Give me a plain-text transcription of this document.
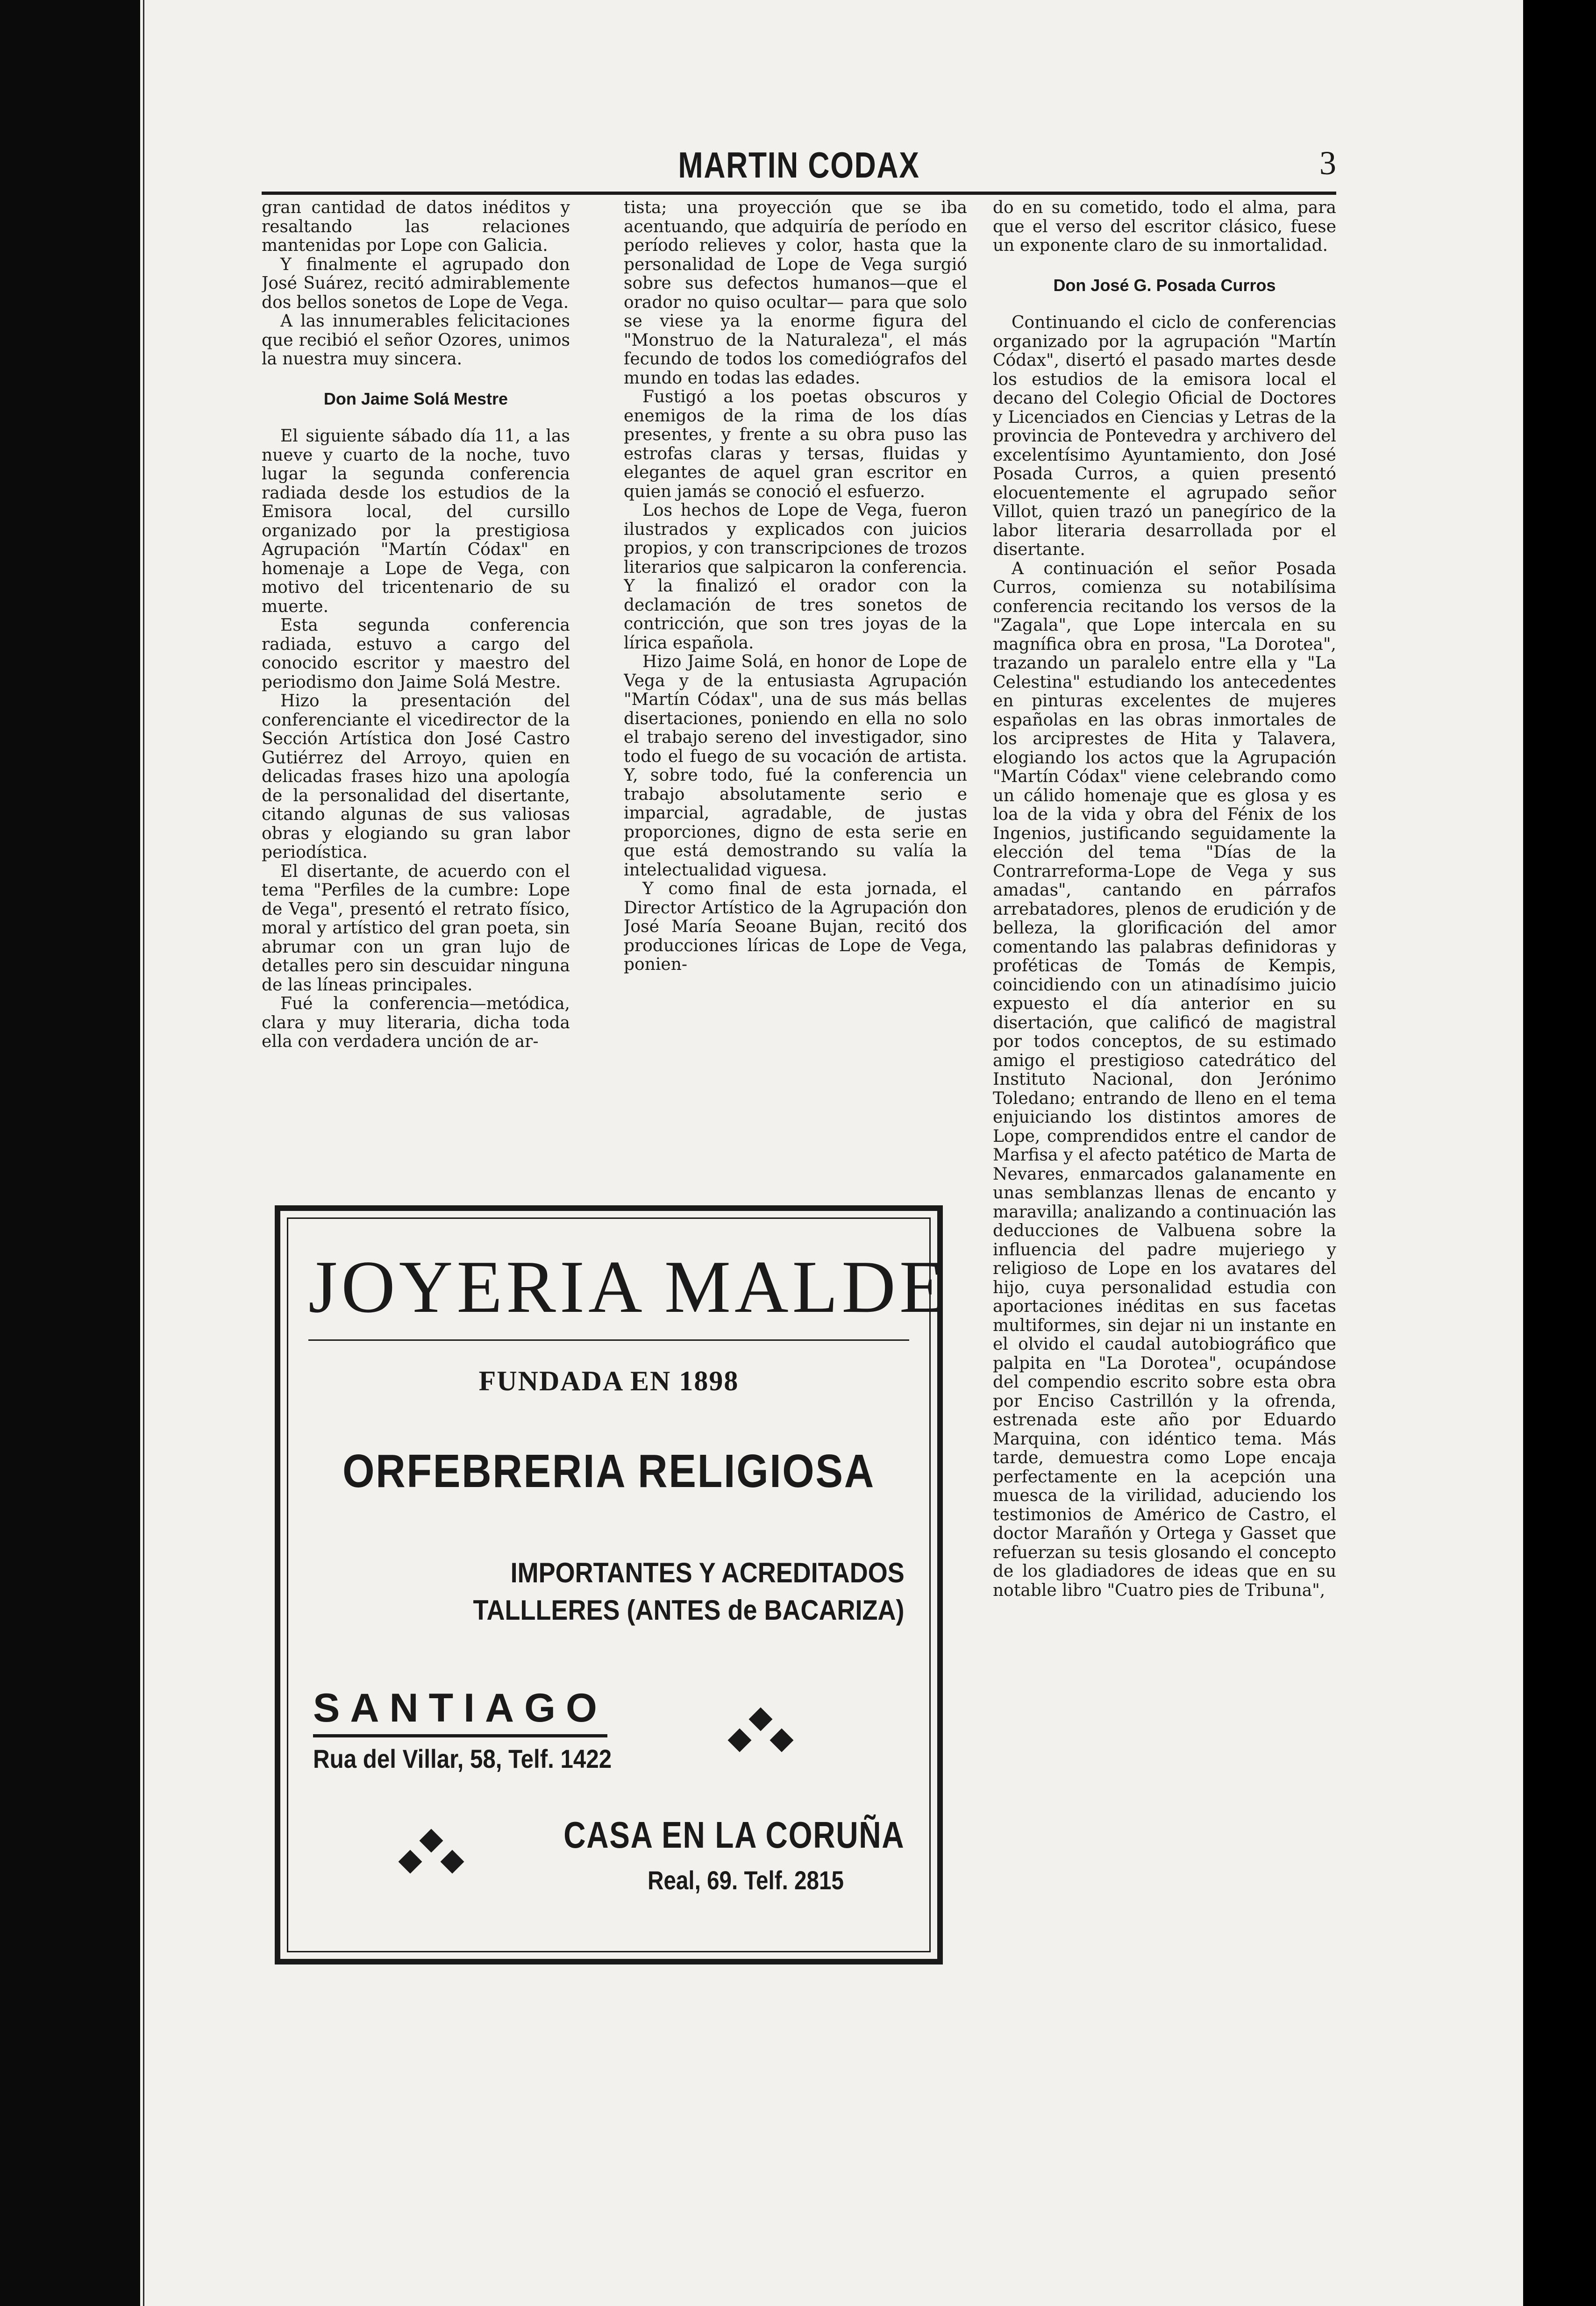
MARTIN CODAX	3

gran cantidad de datos inéditos y resaltando las relaciones mantenidas por Lope con Galicia.

Y finalmente el agrupado don José Suárez, recitó admirablemente dos bellos sonetos de Lope de Vega.

A las innumerables felicitaciones que recibió el señor Ozores, unimos la nuestra muy sincera.

Don Jaime Solá Mestre

El siguiente sábado día 11, a las nueve y cuarto de la noche, tuvo lugar la segunda conferencia radiada desde los estudios de la Emisora local, del cursillo organizado por la prestigiosa Agrupación "Martín Códax" en homenaje a Lope de Vega, con motivo del tricentenario de su muerte.

Esta segunda conferencia radiada, estuvo a cargo del conocido escritor y maestro del periodismo don Jaime Solá Mestre.

Hizo la presentación del conferenciante el vicedirector de la Sección Artística don José Castro Gutiérrez del Arroyo, quien en delicadas frases hizo una apología de la personalidad del disertante, citando algunas de sus valiosas obras y elogiando su gran labor periodística.

El disertante, de acuerdo con el tema "Perfiles de la cumbre: Lope de Vega", presentó el retrato físico, moral y artístico del gran poeta, sin abrumar con un gran lujo de detalles pero sin descuidar ninguna de las líneas principales.

Fué la conferencia—metódica, clara y muy literaria, dicha toda ella con verdadera unción de ar-

tista; una proyección que se iba acentuando, que adquiría de período en período relieves y color, hasta que la personalidad de Lope de Vega surgió sobre sus defectos humanos—que el orador no quiso ocultar— para que solo se viese ya la enorme figura del "Monstruo de la Naturaleza", el más fecundo de todos los comediógrafos del mundo en todas las edades.

Fustigó a los poetas obscuros y enemigos de la rima de los días presentes, y frente a su obra puso las estrofas claras y tersas, fluidas y elegantes de aquel gran escritor en quien jamás se conoció el esfuerzo.

Los hechos de Lope de Vega, fueron ilustrados y explicados con juicios propios, y con transcripciones de trozos literarios que salpicaron la conferencia. Y la finalizó el orador con la declamación de tres sonetos de contricción, que son tres joyas de la lírica española.

Hizo Jaime Solá, en honor de Lope de Vega y de la entusiasta Agrupación "Martín Códax", una de sus más bellas disertaciones, poniendo en ella no solo el trabajo sereno del investigador, sino todo el fuego de su vocación de artista. Y, sobre todo, fué la conferencia un trabajo absolutamente serio e imparcial, agradable, de justas proporciones, digno de esta serie en que está demostrando su valía la intelectualidad viguesa.

Y como final de esta jornada, el Director Artístico de la Agrupación don José María Seoane Bujan, recitó dos producciones líricas de Lope de Vega, ponien-

do en su cometido, todo el alma, para que el verso del escritor clásico, fuese un exponente claro de su inmortalidad.

Don José G. Posada Curros

Continuando el ciclo de conferencias organizado por la agrupación "Martín Códax", disertó el pasado martes desde los estudios de la emisora local el decano del Colegio Oficial de Doctores y Licenciados en Ciencias y Letras de la provincia de Pontevedra y archivero del excelentísimo Ayuntamiento, don José Posada Curros, a quien presentó elocuentemente el agrupado señor Villot, quien trazó un panegírico de la labor literaria desarrollada por el disertante.

A continuación el señor Posada Curros, comienza su notabilísima conferencia recitando los versos de la "Zagala", que Lope intercala en su magnífica obra en prosa, "La Dorotea", trazando un paralelo entre ella y "La Celestina" estudiando los antecedentes en pinturas excelentes de mujeres españolas en las obras inmortales de los arciprestes de Hita y Talavera, elogiando los actos que la Agrupación "Martín Códax" viene celebrando como un cálido homenaje que es glosa y es loa de la vida y obra del Fénix de los Ingenios, justificando seguidamente la elección del tema "Días de la Contrarreforma-Lope de Vega y sus amadas", cantando en párrafos arrebatadores, plenos de erudición y de belleza, la glorificación del amor comentando las palabras definidoras y proféticas de Tomás de Kempis, coincidiendo con un atinadísimo juicio expuesto el día anterior en su disertación, que calificó de magistral por todos conceptos, de su estimado amigo el prestigioso catedrático del Instituto Nacional, don Jerónimo Toledano; entrando de lleno en el tema enjuiciando los distintos amores de Lope, comprendidos entre el candor de Marfisa y el afecto patético de Marta de Nevares, enmarcados galanamente en unas semblanzas llenas de encanto y maravilla; analizando a continuación las deducciones de Valbuena sobre la influencia del padre mujeriego y religioso de Lope en los avatares del hijo, cuya personalidad estudia con aportaciones inéditas en sus facetas multiformes, sin dejar ni un instante en el olvido el caudal autobiográfico que palpita en "La Dorotea", ocupándose del compendio escrito sobre esta obra por Enciso Castrillón y la ofrenda, estrenada este año por Eduardo Marquina, con idéntico tema. Más tarde, demuestra como Lope encaja perfectamente en la acepción una muesca de la virilidad, aduciendo los testimonios de Américo de Castro, el doctor Marañón y Ortega y Gasset que refuerzan su tesis glosando el concepto de los gladiadores de ideas que en su notable libro "Cuatro pies de Tribuna",

JOYERIA MALDE
FUNDADA EN 1898
ORFEBRERIA RELIGIOSA
IMPORTANTES Y ACREDITADOS
TALLLERES (ANTES de BACARIZA)
SANTIAGO
Rua del Villar, 58, Telf. 1422
CASA EN LA CORUÑA
Real, 69. Telf. 2815
